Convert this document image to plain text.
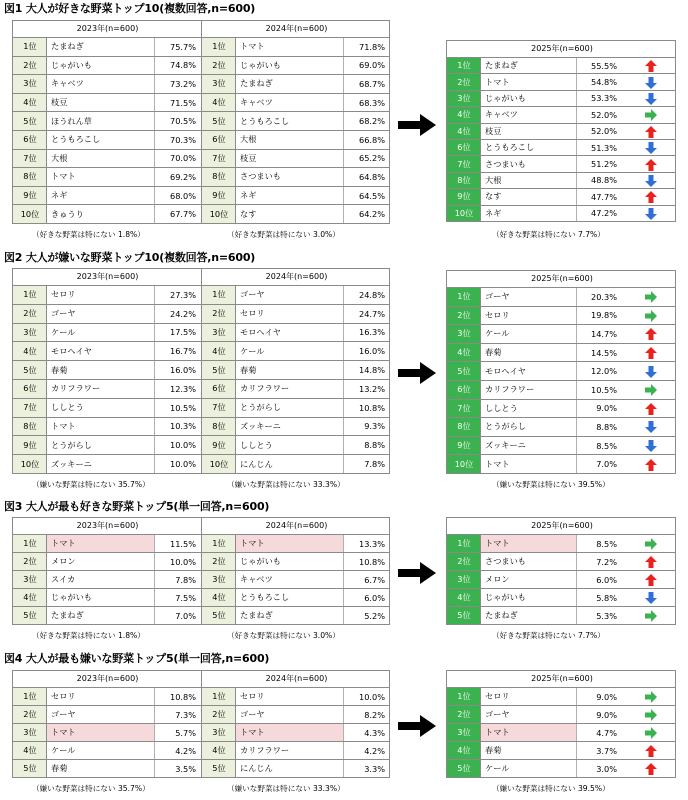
図1 大人が好きな野菜トップ10(複数回答,n=600)
2023年(n=600)	2024年(n=600)
1位	たまねぎ	75.7%	1位	トマト	71.8%
2位	じゃがいも	74.8%	2位	じゃがいも	69.0%
3位	キャベツ	73.2%	3位	たまねぎ	68.7%
4位	枝豆	71.5%	4位	キャベツ	68.3%
5位	ほうれん草	70.5%	5位	とうもろこし	68.2%
6位	とうもろこし	70.3%	6位	大根	66.8%
7位	大根	70.0%	7位	枝豆	65.2%
8位	トマト	69.2%	8位	さつまいも	64.8%
9位	ネギ	68.0%	9位	ネギ	64.5%
10位	きゅうり	67.7%	10位	なす	64.2%
（好きな野菜は特にない 1.8%）	（好きな野菜は特にない 3.0%）
2025年(n=600)
1位	たまねぎ	55.5%
2位	トマト	54.8%
3位	じゃがいも	53.3%
4位	キャベツ	52.0%
4位	枝豆	52.0%
6位	とうもろこし	51.3%
7位	さつまいも	51.2%
8位	大根	48.8%
9位	なす	47.7%
10位	ネギ	47.2%
（好きな野菜は特にない 7.7%）
図2 大人が嫌いな野菜トップ10(複数回答,n=600)
2023年(n=600)	2024年(n=600)
1位	セロリ	27.3%	1位	ゴーヤ	24.8%
2位	ゴーヤ	24.2%	2位	セロリ	24.7%
3位	ケール	17.5%	3位	モロヘイヤ	16.3%
4位	モロヘイヤ	16.7%	4位	ケール	16.0%
5位	春菊	16.0%	5位	春菊	14.8%
6位	カリフラワー	12.3%	6位	カリフラワー	13.2%
7位	ししとう	10.5%	7位	とうがらし	10.8%
8位	トマト	10.3%	8位	ズッキーニ	9.3%
9位	とうがらし	10.0%	9位	ししとう	8.8%
10位	ズッキーニ	10.0%	10位	にんじん	7.8%
（嫌いな野菜は特にない 35.7%）	（嫌いな野菜は特にない 33.3%）
2025年(n=600)
1位	ゴーヤ	20.3%
2位	セロリ	19.8%
3位	ケール	14.7%
4位	春菊	14.5%
5位	モロヘイヤ	12.0%
6位	カリフラワー	10.5%
7位	ししとう	9.0%
8位	とうがらし	8.8%
9位	ズッキーニ	8.5%
10位	トマト	7.0%
（嫌いな野菜は特にない 39.5%）
図3 大人が最も好きな野菜トップ5(単一回答,n=600)
2023年(n=600)	2024年(n=600)
1位	トマト	11.5%	1位	トマト	13.3%
2位	メロン	10.0%	2位	じゃがいも	10.8%
3位	スイカ	7.8%	3位	キャベツ	6.7%
4位	じゃがいも	7.5%	4位	とうもろこし	6.0%
5位	たまねぎ	7.0%	5位	たまねぎ	5.2%
（好きな野菜は特にない 1.8%）	（好きな野菜は特にない 3.0%）
2025年(n=600)
1位	トマト	8.5%
2位	さつまいも	7.2%
3位	メロン	6.0%
4位	じゃがいも	5.8%
5位	たまねぎ	5.3%
（好きな野菜は特にない 7.7%）
図4 大人が最も嫌いな野菜トップ5(単一回答,n=600)
2023年(n=600)	2024年(n=600)
1位	セロリ	10.8%	1位	セロリ	10.0%
2位	ゴーヤ	7.3%	2位	ゴーヤ	8.2%
3位	トマト	5.7%	3位	トマト	4.3%
4位	ケール	4.2%	4位	カリフラワー	4.2%
5位	春菊	3.5%	5位	にんじん	3.3%
（嫌いな野菜は特にない 35.7%）	（嫌いな野菜は特にない 33.3%）
2025年(n=600)
1位	セロリ	9.0%
2位	ゴーヤ	9.0%
3位	トマト	4.7%
4位	春菊	3.7%
5位	ケール	3.0%
（嫌いな野菜は特にない 39.5%）
